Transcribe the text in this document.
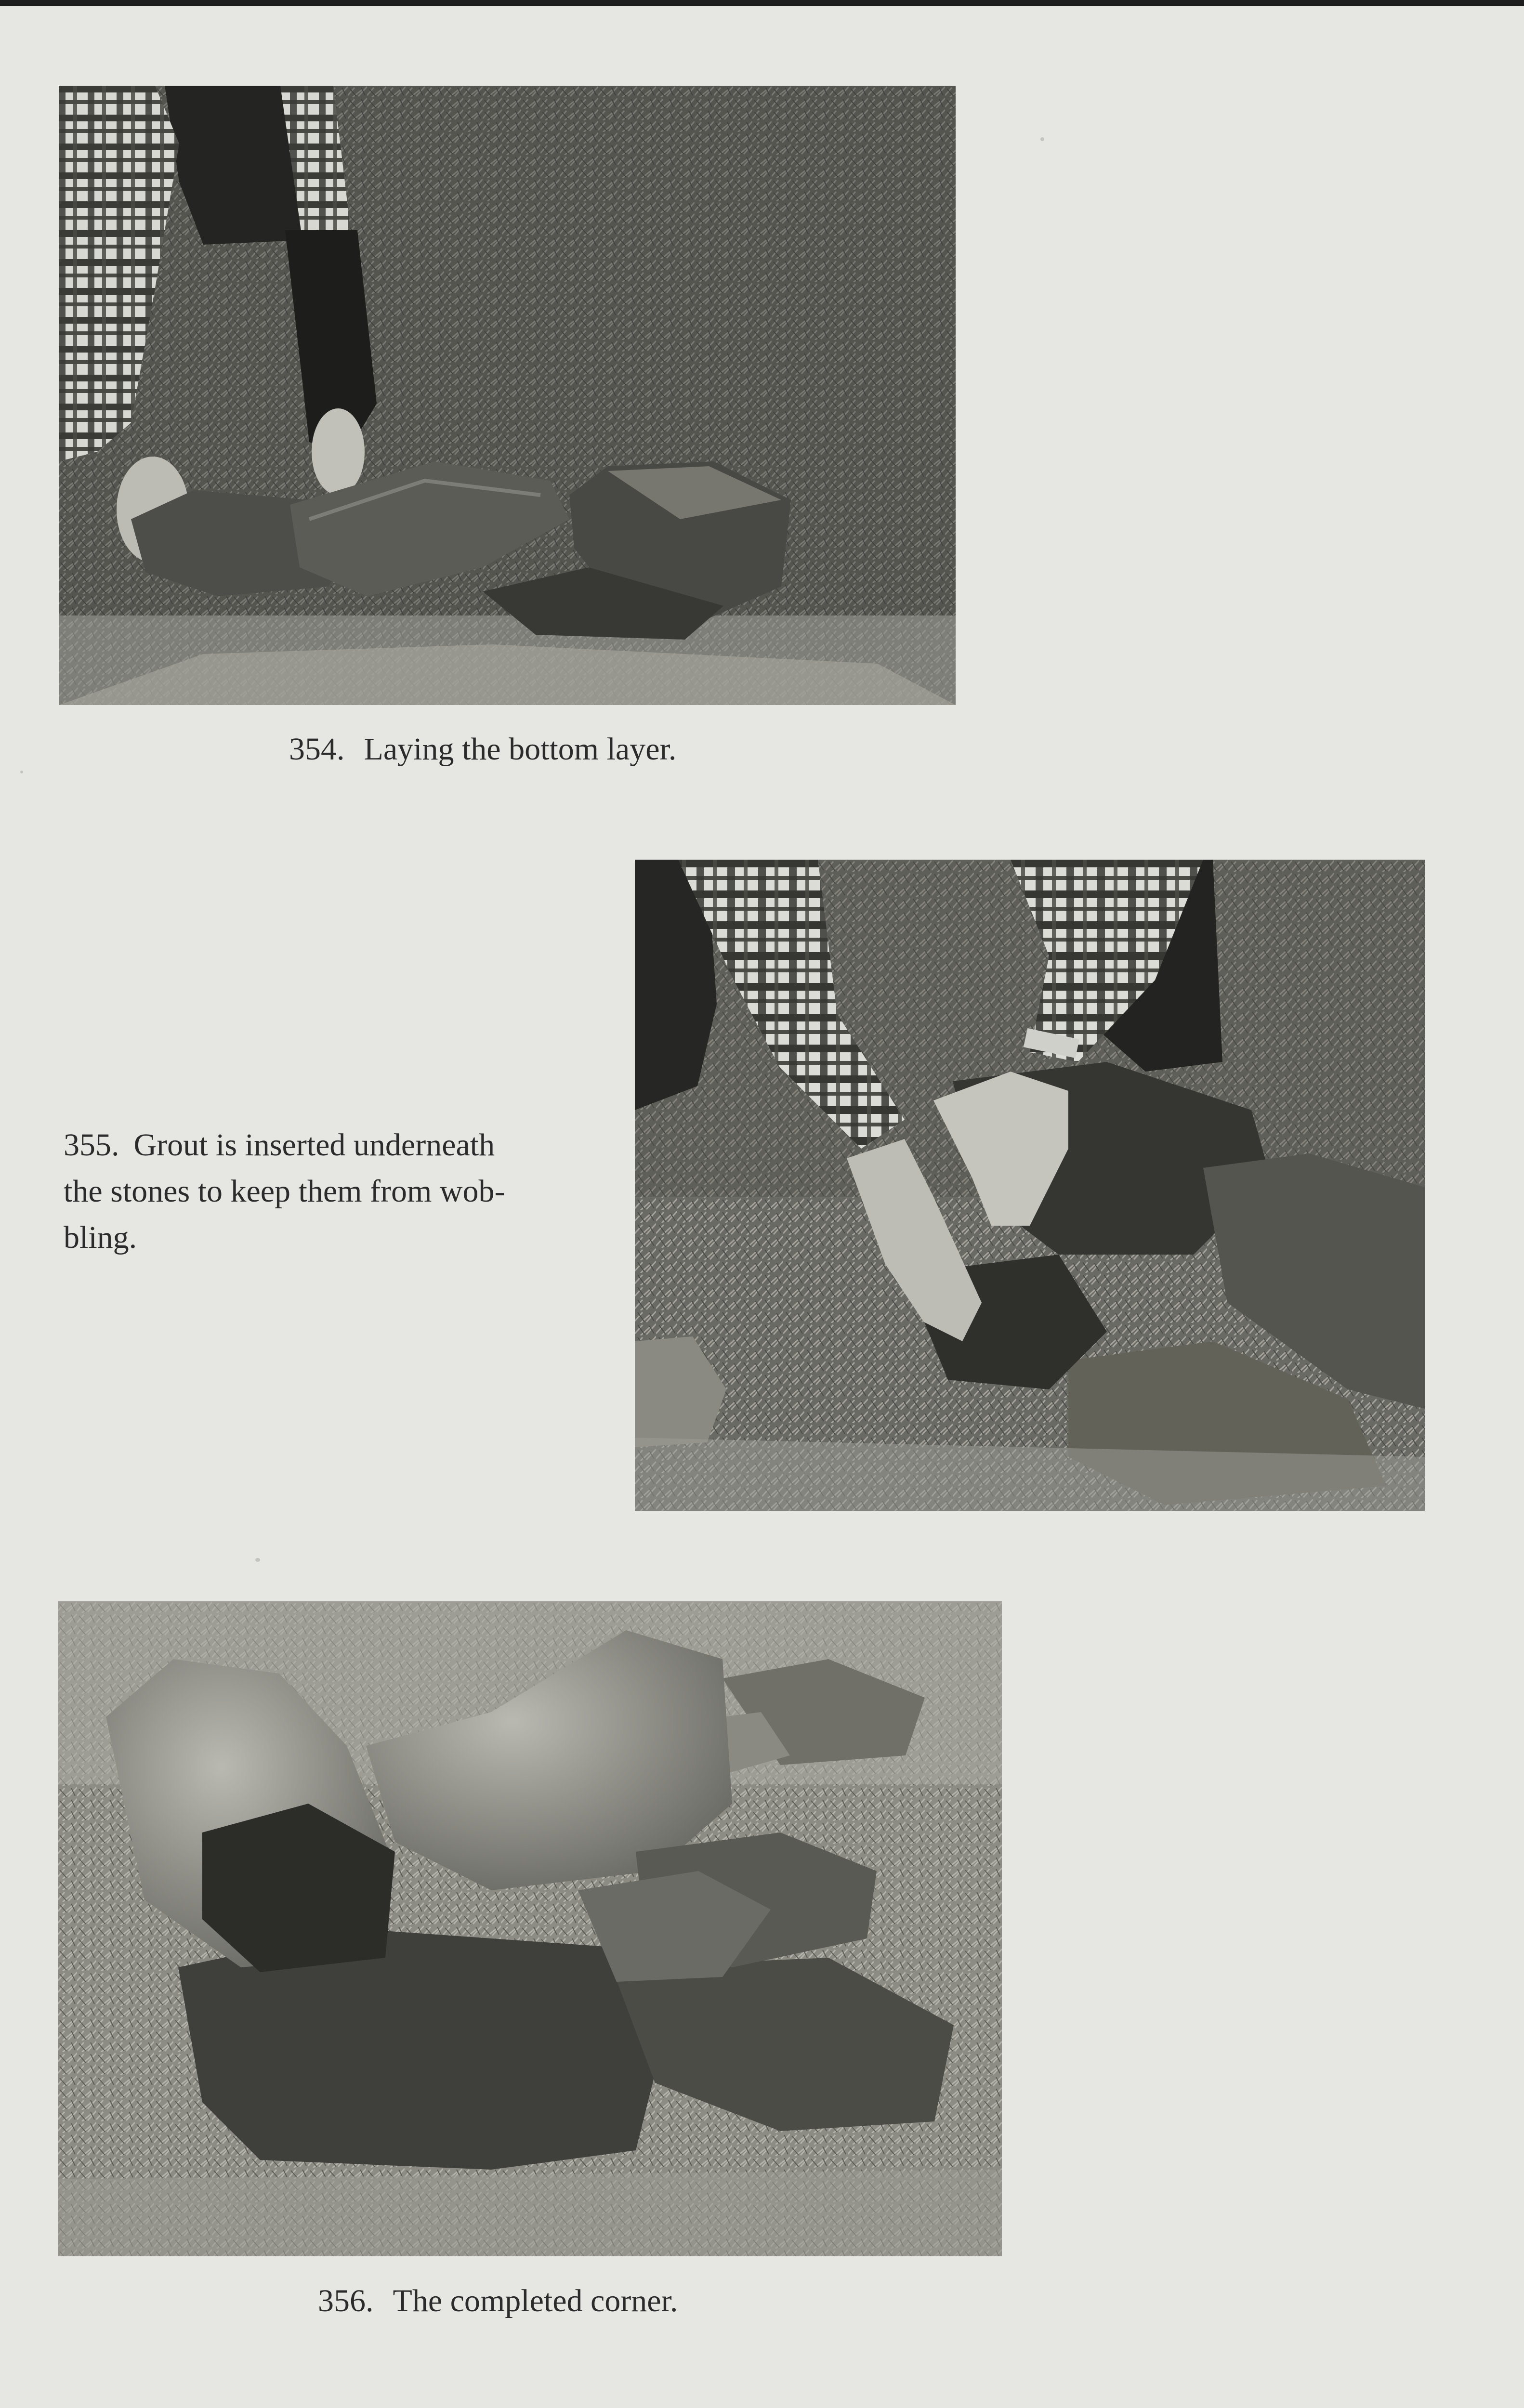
354. Laying the bottom layer.
355. Grout is inserted underneath
the stones to keep them from wob-
bling.
356. The completed corner.
